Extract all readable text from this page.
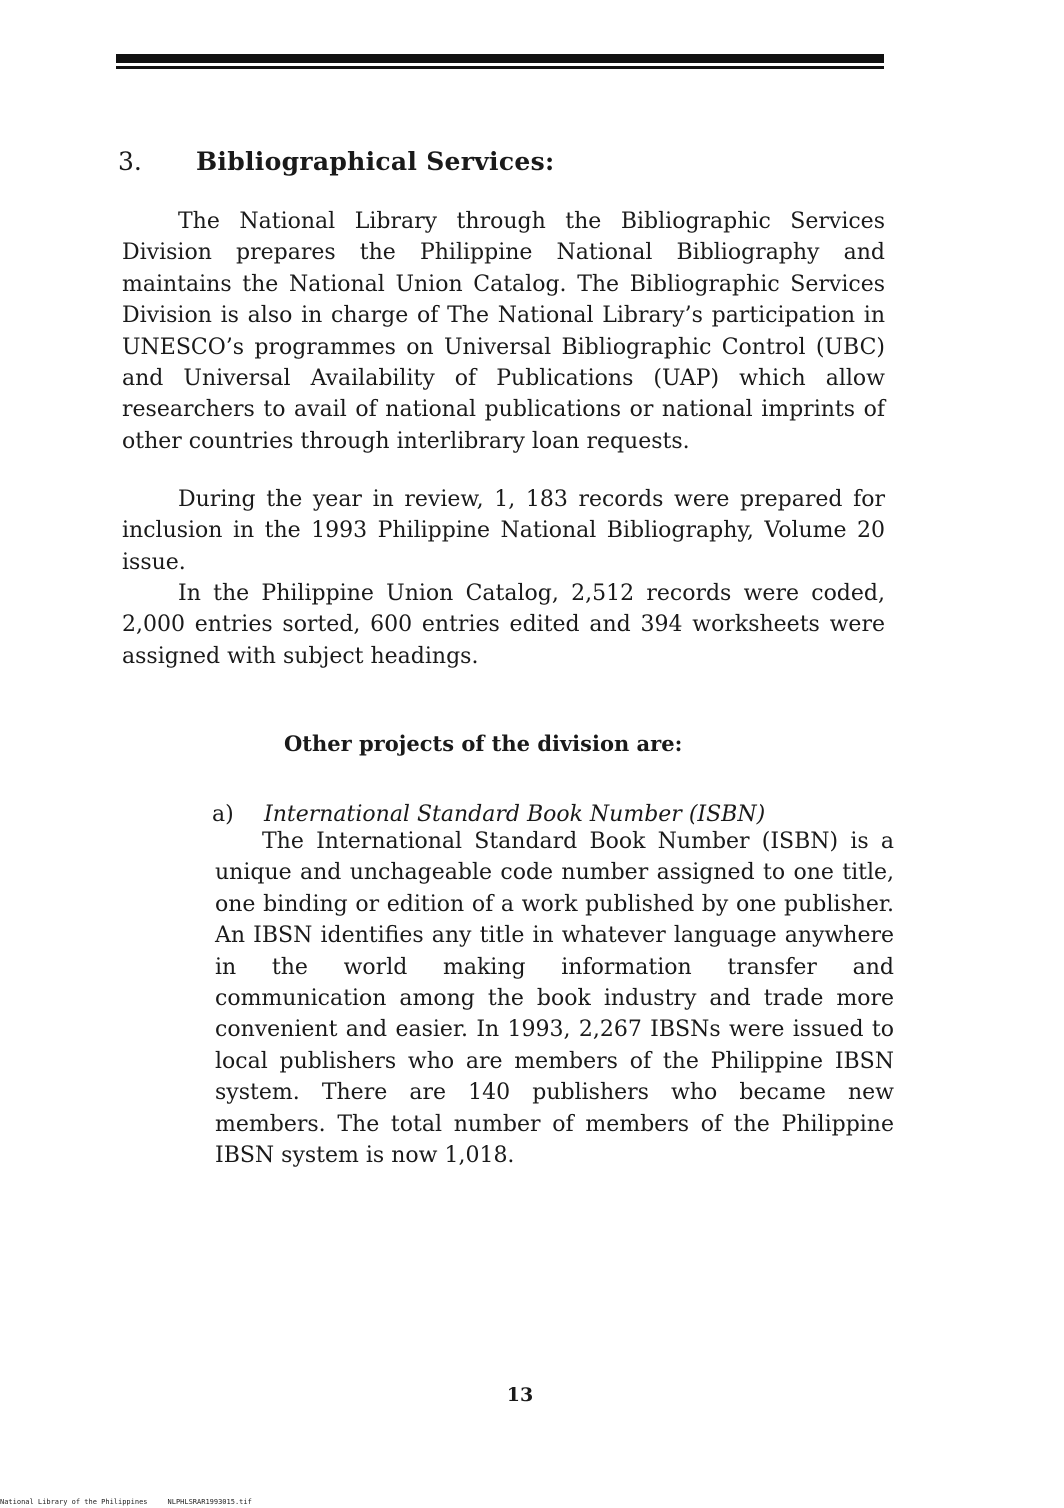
3. Bibliographical Services:

The National Library through the Bibliographic Services Division prepares the Philippine National Bibliography and maintains the National Union Catalog. The Bibliographic Services Division is also in charge of The National Library’s participation in UNESCO’s programmes on Universal Bibliographic Control (UBC) and Universal Availability of Publications (UAP) which allow researchers to avail of national publications or national imprints of other countries through interlibrary loan requests.

During the year in review, 1, 183 records were prepared for inclusion in the 1993 Philippine National Bibliography, Volume 20 issue.

In the Philippine Union Catalog, 2,512 records were coded, 2,000 entries sorted, 600 entries edited and 394 worksheets were assigned with subject headings.

Other projects of the division are:
a) International Standard Book Number (ISBN)

The International Standard Book Number (ISBN) is a unique and unchageable code number assigned to one title, one binding or edition of a work published by one publisher. An IBSN identifies any title in whatever language anywhere in the world making information transfer and communication among the book industry and trade more convenient and easier. In 1993, 2,267 IBSNs were issued to local publishers who are members of the Philippine IBSN system. There are 140 publishers who became new members. The total number of members of the Philippine IBSN system is now 1,018.

13
National Library of the Philippines	NLPHLSRAR1993015.tif
